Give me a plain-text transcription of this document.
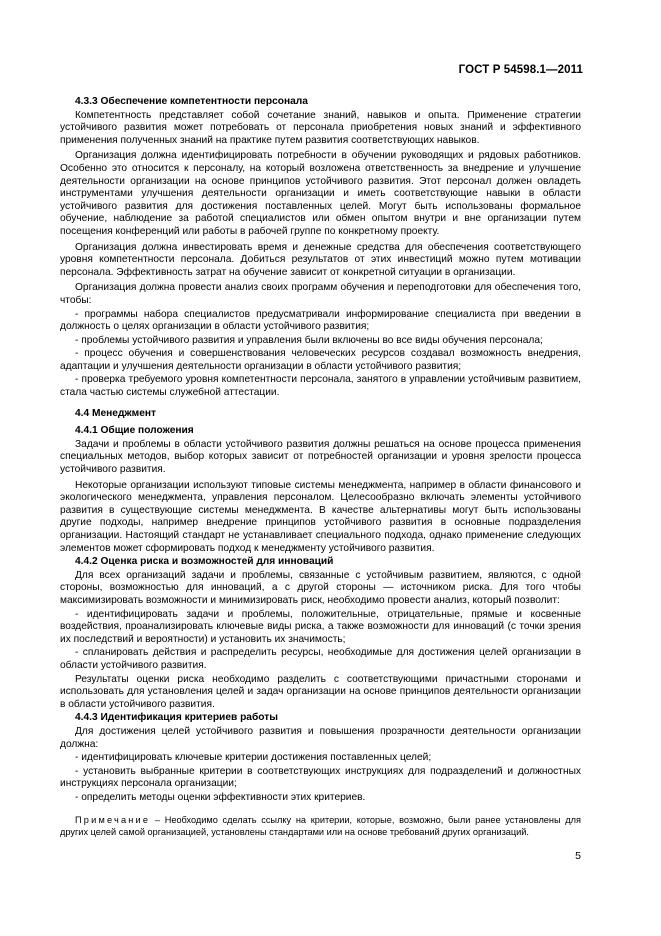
ГОСТ Р 54598.1—2011
4.3.3 Обеспечение компетентности персонала

Компетентность представляет собой сочетание знаний, навыков и опыта. Применение стратегии устойчивого развития может потребовать от персонала приобретения новых знаний и эффективного применения полученных знаний на практике путем развития соответствующих навыков.

Организация должна идентифицировать потребности в обучении руководящих и рядовых работников. Особенно это относится к персоналу, на который возложена ответственность за внедрение и улучшение деятельности организации на основе принципов устойчивого развития. Этот персонал должен овладеть инструментами улучшения деятельности организации и иметь соответствующие навыки в области устойчивого развития для достижения поставленных целей. Могут быть использованы формальное обучение, наблюдение за работой специалистов или обмен опытом внутри и вне организации путем посещения конференций или работы в рабочей группе по конкретному проекту.

Организация должна инвестировать время и денежные средства для обеспечения соответствующего уровня компетентности персонала. Добиться результатов от этих инвестиций можно путем мотивации персонала. Эффективность затрат на обучение зависит от конкретной ситуации в организации.

Организация должна провести анализ своих программ обучения и переподготовки для обеспечения того, чтобы:

- программы набора специалистов предусматривали информирование специалиста при введении в должность о целях организации в области устойчивого развития;

- проблемы устойчивого развития и управления были включены во все виды обучения персонала;

- процесс обучения и совершенствования человеческих ресурсов создавал возможность внедрения, адаптации и улучшения деятельности организации в области устойчивого развития;

- проверка требуемого уровня компетентности персонала, занятого в управлении устойчивым развитием, стала частью системы служебной аттестации.

4.4 Менеджмент
4.4.1 Общие положения

Задачи и проблемы в области устойчивого развития должны решаться на основе процесса применения специальных методов, выбор которых зависит от потребностей организации и уровня зрелости процесса устойчивого развития.

Некоторые организации используют типовые системы менеджмента, например в области финансового и экологического менеджмента, управления персоналом. Целесообразно включать элементы устойчивого развития в существующие системы менеджмента. В качестве альтернативы могут быть использованы другие подходы, например внедрение принципов устойчивого развития в основные подразделения организации. Настоящий стандарт не устанавливает специального подхода, однако применение следующих элементов может сформировать подход к менеджменту устойчивого развития.

4.4.2 Оценка риска и возможностей для инноваций

Для всех организаций задачи и проблемы, связанные с устойчивым развитием, являются, с одной стороны, возможностью для инноваций, а с другой стороны — источником риска. Для того чтобы максимизировать возможности и минимизировать риск, необходимо провести анализ, который позволит:

- идентифицировать задачи и проблемы, положительные, отрицательные, прямые и косвенные воздействия, проанализировать ключевые виды риска, а также возможности для инноваций (с точки зрения их последствий и вероятности) и установить их значимость;

- спланировать действия и распределить ресурсы, необходимые для достижения целей организации в области устойчивого развития.

Результаты оценки риска необходимо разделить с соответствующими причастными сторонами и использовать для установления целей и задач организации на основе принципов деятельности организации в области устойчивого развития.

4.4.3 Идентификация критериев работы

Для достижения целей устойчивого развития и повышения прозрачности деятельности организации должна:

- идентифицировать ключевые критерии достижения поставленных целей;

- установить выбранные критерии в соответствующих инструкциях для подразделений и должностных инструкциях персонала организации;

- определить методы оценки эффективности этих критериев.

Примечание – Необходимо сделать ссылку на критерии, которые, возможно, были ранее установлены для других целей самой организацией, установлены стандартами или на основе требований других организаций.
5
